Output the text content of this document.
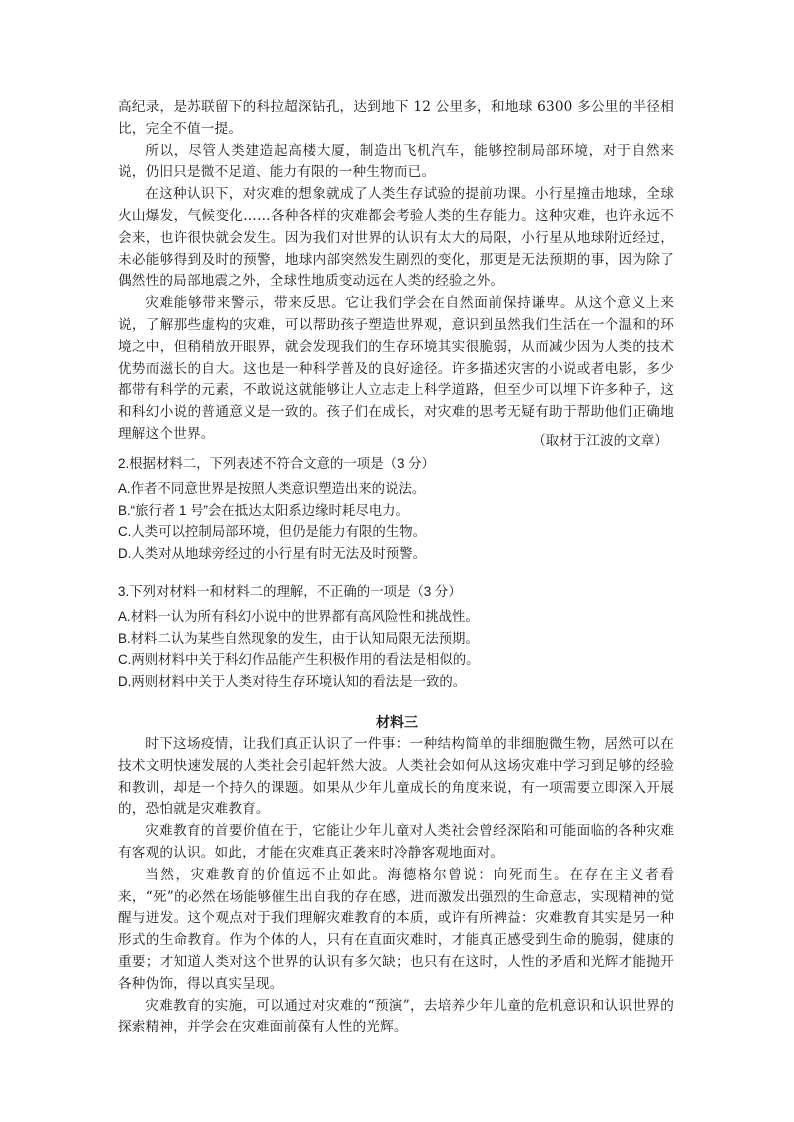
高纪录，是苏联留下的科拉超深钻孔，达到地下 12 公里多，和地球 6300 多公里的半径相比，完全不值一提。

所以，尽管人类建造起高楼大厦，制造出飞机汽车，能够控制局部环境，对于自然来说，仍旧只是微不足道、能力有限的一种生物而已。

在这种认识下，对灾难的想象就成了人类生存试验的提前功课。小行星撞击地球，全球火山爆发，气候变化……各种各样的灾难都会考验人类的生存能力。这种灾难，也许永远不会来，也许很快就会发生。因为我们对世界的认识有太大的局限，小行星从地球附近经过，未必能够得到及时的预警，地球内部突然发生剧烈的变化，那更是无法预期的事，因为除了偶然性的局部地震之外，全球性地质变动远在人类的经验之外。

灾难能够带来警示，带来反思。它让我们学会在自然面前保持谦卑。从这个意义上来说，了解那些虚构的灾难，可以帮助孩子塑造世界观，意识到虽然我们生活在一个温和的环境之中，但稍稍放开眼界，就会发现我们的生存环境其实很脆弱，从而减少因为人类的技术优势而滋长的自大。这也是一种科学普及的良好途径。许多描述灾害的小说或者电影，多少都带有科学的元素，不敢说这就能够让人立志走上科学道路，但至少可以埋下许多种子，这和科幻小说的普通意义是一致的。孩子们在成长，对灾难的思考无疑有助于帮助他们正确地理解这个世界。	（取材于江波的文章）

2.根据材料二，下列表述不符合文意的一项是（3 分）

A.作者不同意世界是按照人类意识塑造出来的说法。

B.“旅行者 1 号”会在抵达太阳系边缘时耗尽电力。

C.人类可以控制局部环境，但仍是能力有限的生物。

D.人类对从地球旁经过的小行星有时无法及时预警。

3.下列对材料一和材料二的理解，不正确的一项是（3 分）

A.材料一认为所有科幻小说中的世界都有高风险性和挑战性。

B.材料二认为某些自然现象的发生，由于认知局限无法预期。

C.两则材料中关于科幻作品能产生积极作用的看法是相似的。

D.两则材料中关于人类对待生存环境认知的看法是一致的。

材料三

时下这场疫情，让我们真正认识了一件事：一种结构简单的非细胞微生物，居然可以在技术文明快速发展的人类社会引起轩然大波。人类社会如何从这场灾难中学习到足够的经验和教训，却是一个持久的课题。如果从少年儿童成长的角度来说，有一项需要立即深入开展的，恐怕就是灾难教育。

灾难教育的首要价值在于，它能让少年儿童对人类社会曾经深陷和可能面临的各种灾难有客观的认识。如此，才能在灾难真正袭来时冷静客观地面对。

当然，灾难教育的价值远不止如此。海德格尔曾说：向死而生。在存在主义者看来，“死”的必然在场能够催生出自我的存在感，进而激发出强烈的生命意志，实现精神的觉醒与迸发。这个观点对于我们理解灾难教育的本质，或许有所裨益：灾难教育其实是另一种形式的生命教育。作为个体的人，只有在直面灾难时，才能真正感受到生命的脆弱，健康的重要；才知道人类对这个世界的认识有多欠缺；也只有在这时，人性的矛盾和光辉才能抛开各种伪饰，得以真实呈现。

灾难教育的实施，可以通过对灾难的“预演”，去培养少年儿童的危机意识和认识世界的探索精神，并学会在灾难面前葆有人性的光辉。
